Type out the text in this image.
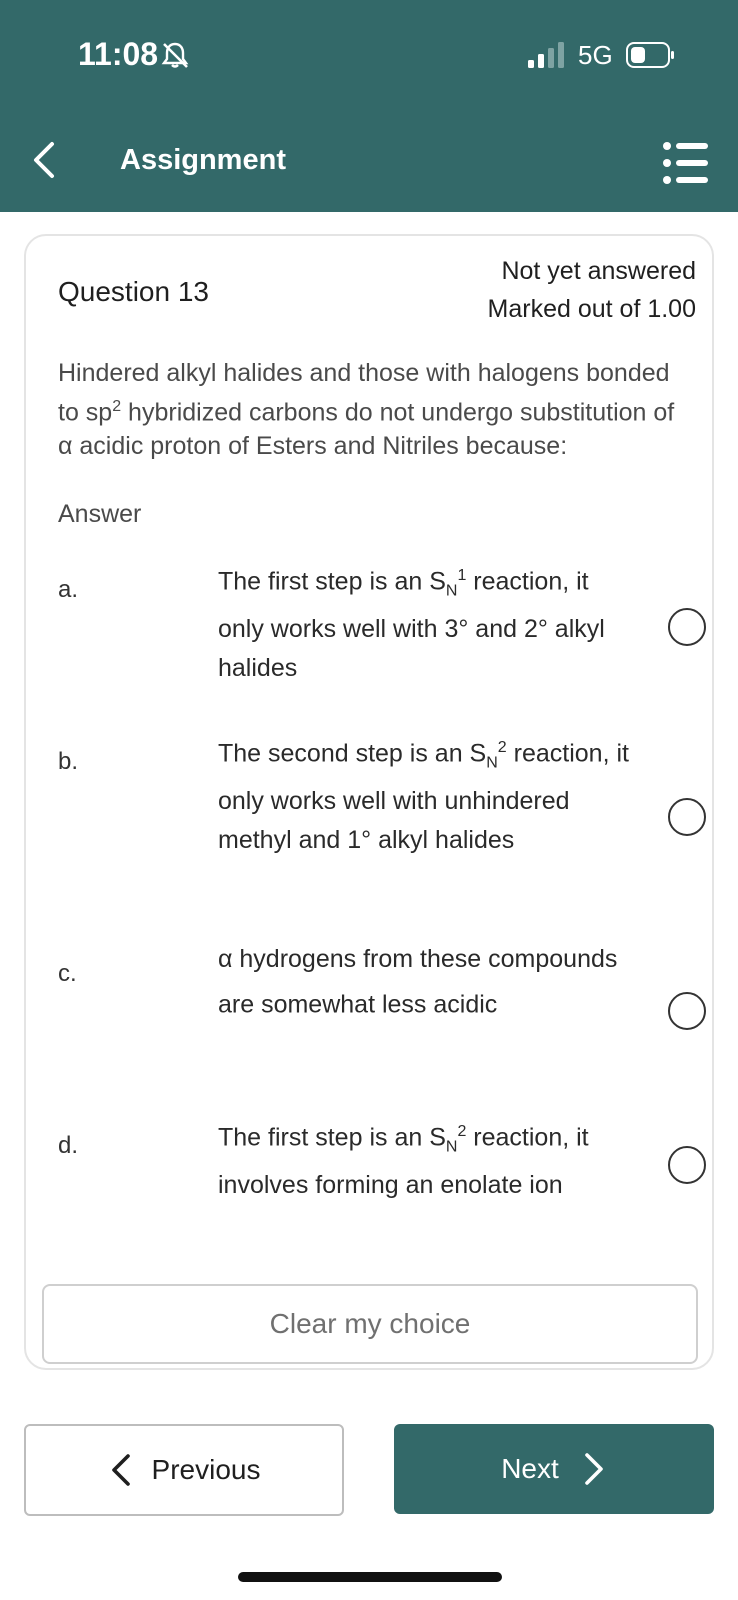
11:08	5G
Assignment
Question 13
Not yet answered
Marked out of 1.00
Hindered alkyl halides and those with halogens bonded to $sp^2$ hybridized carbons do not undergo substitution of α acidic proton of Esters and Nitriles because:
Answer
a.	The first step is an $S_N^1$ reaction, it only works well with 3° and 2° alkyl halides
b.	The second step is an $S_N^2$ reaction, it only works well with unhindered methyl and 1° alkyl halides
c.
α hydrogens from these compounds are somewhat less acidic
d.	The first step is an $S_N^2$ reaction, it involves forming an enolate ion
Clear my choice
Previous	Next
